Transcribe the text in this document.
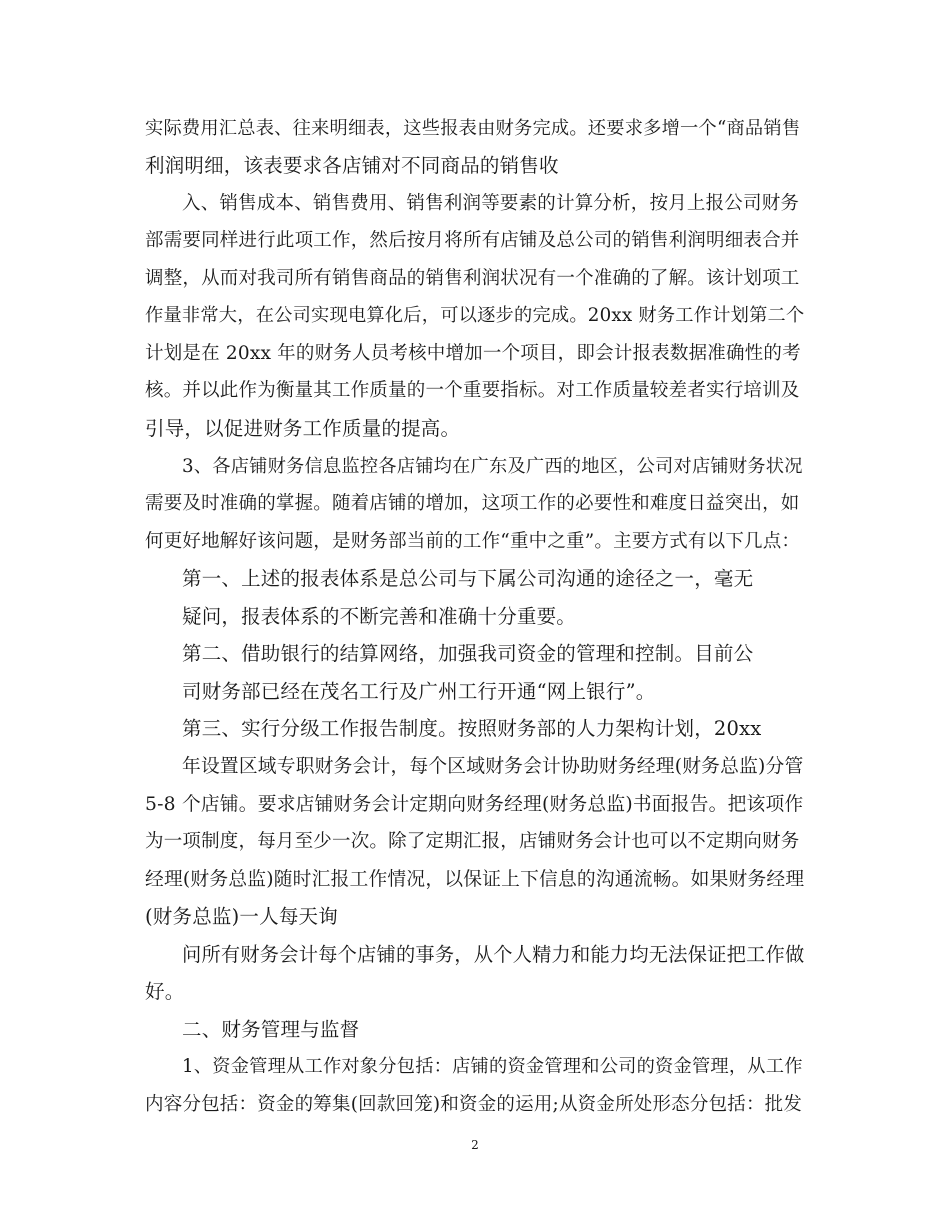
实际费用汇总表、往来明细表，这些报表由财务完成。还要求多增一个“商品销售
利润明细，该表要求各店铺对不同商品的销售收
入、销售成本、销售费用、销售利润等要素的计算分析，按月上报公司财务
部需要同样进行此项工作，然后按月将所有店铺及总公司的销售利润明细表合并
调整，从而对我司所有销售商品的销售利润状况有一个准确的了解。该计划项工
作量非常大，在公司实现电算化后，可以逐步的完成。20xx 财务工作计划第二个
计划是在 20xx 年的财务人员考核中增加一个项目，即会计报表数据准确性的考
核。并以此作为衡量其工作质量的一个重要指标。对工作质量较差者实行培训及
引导，以促进财务工作质量的提高。
3、各店铺财务信息监控各店铺均在广东及广西的地区，公司对店铺财务状况
需要及时准确的掌握。随着店铺的增加，这项工作的必要性和难度日益突出，如
何更好地解好该问题，是财务部当前的工作“重中之重”。主要方式有以下几点：
第一、上述的报表体系是总公司与下属公司沟通的途径之一，毫无
疑问，报表体系的不断完善和准确十分重要。
第二、借助银行的结算网络，加强我司资金的管理和控制。目前公
司财务部已经在茂名工行及广州工行开通“网上银行”。
第三、实行分级工作报告制度。按照财务部的人力架构计划，20xx
年设置区域专职财务会计，每个区域财务会计协助财务经理(财务总监)分管
5-8 个店铺。要求店铺财务会计定期向财务经理(财务总监)书面报告。把该项作
为一项制度，每月至少一次。除了定期汇报，店铺财务会计也可以不定期向财务
经理(财务总监)随时汇报工作情况，以保证上下信息的沟通流畅。如果财务经理
(财务总监)一人每天询
问所有财务会计每个店铺的事务，从个人精力和能力均无法保证把工作做
好。
二、财务管理与监督
1、资金管理从工作对象分包括：店铺的资金管理和公司的资金管理，从工作
内容分包括：资金的筹集(回款回笼)和资金的运用;从资金所处形态分包括：批发
2
